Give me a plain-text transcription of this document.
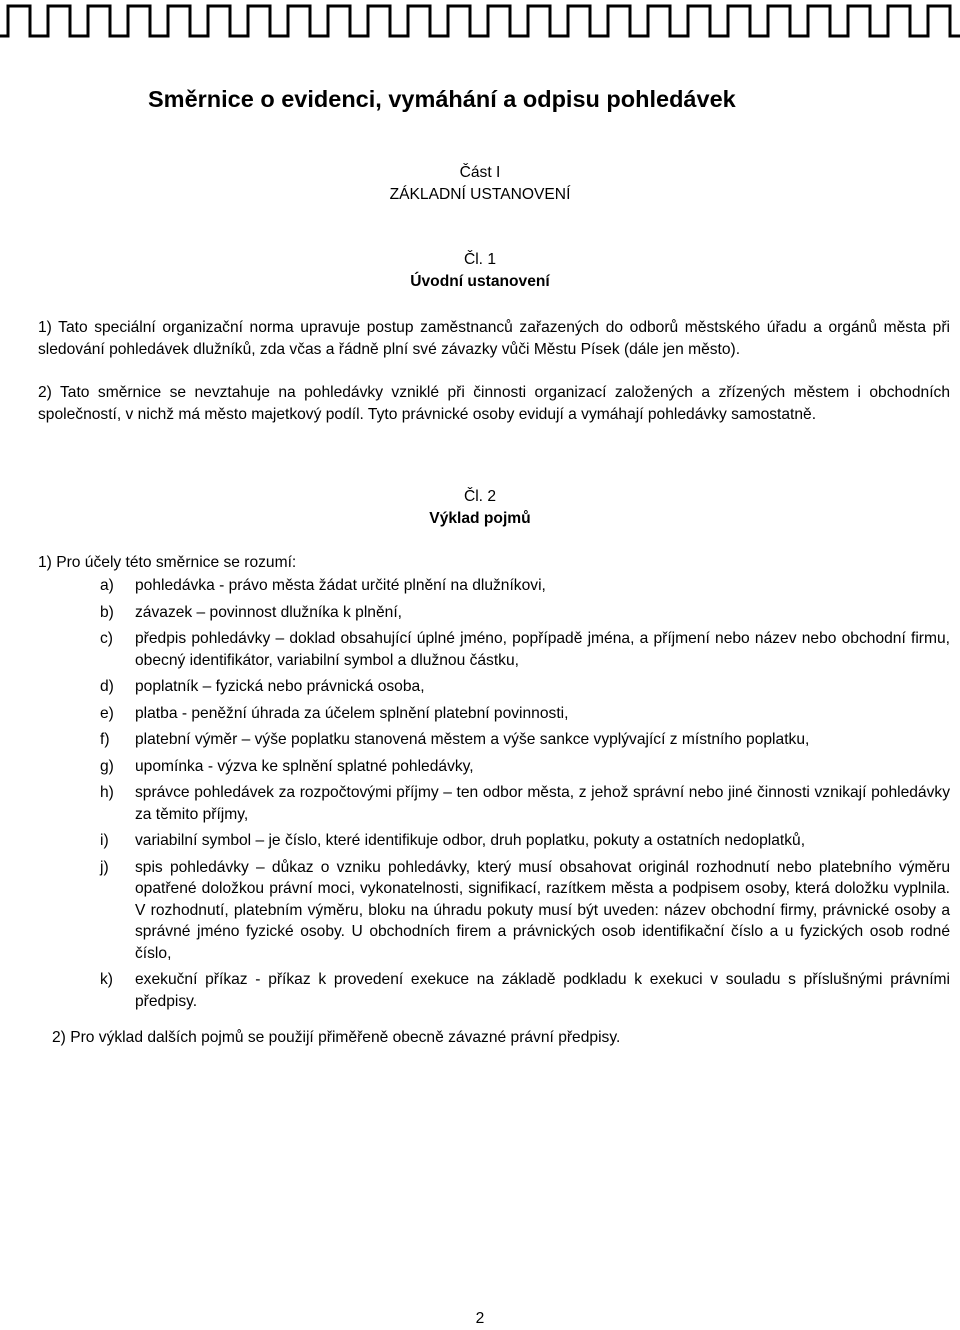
Směrnice o evidenci, vymáhání a odpisu pohledávek
Část I
ZÁKLADNÍ USTANOVENÍ
Čl. 1
Úvodní ustanovení

1) Tato speciální organizační norma upravuje postup zaměstnanců zařazených do odborů městského úřadu a orgánů města při sledování pohledávek dlužníků, zda včas a řádně plní své závazky vůči Městu Písek (dále jen město).

2) Tato směrnice se nevztahuje na pohledávky vzniklé při činnosti organizací založených a zřízených městem i obchodních společností, v nichž má město majetkový podíl. Tyto právnické osoby evidují a vymáhají pohledávky samostatně.

Čl. 2
Výklad pojmů

1) Pro účely této směrnice se rozumí:

a) pohledávka - právo města žádat určité plnění na dlužníkovi,
b) závazek – povinnost dlužníka k plnění,
c) předpis pohledávky – doklad obsahující úplné jméno, popřípadě jména, a příjmení nebo název nebo obchodní firmu, obecný identifikátor, variabilní symbol a dlužnou částku,
d) poplatník – fyzická nebo právnická osoba,
e) platba - peněžní úhrada za účelem splnění platební povinnosti,
f) platební výměr – výše poplatku stanovená městem a výše sankce vyplývající z místního poplatku,
g) upomínka - výzva ke splnění splatné pohledávky,
h) správce pohledávek za rozpočtovými příjmy – ten odbor města, z jehož správní nebo jiné činnosti vznikají pohledávky za těmito příjmy,
i) variabilní symbol – je číslo, které identifikuje odbor, druh poplatku, pokuty a ostatních nedoplatků,
j) spis pohledávky – důkaz o vzniku pohledávky, který musí obsahovat originál rozhodnutí nebo platebního výměru opatřené doložkou právní moci, vykonatelnosti, signifikací, razítkem města a podpisem osoby, která doložku vyplnila. V rozhodnutí, platebním výměru, bloku na úhradu pokuty musí být uveden: název obchodní firmy, právnické osoby a správné jméno fyzické osoby. U obchodních firem a právnických osob identifikační číslo a u fyzických osob rodné číslo,
k) exekuční příkaz - příkaz k provedení exekuce na základě podkladu k exekuci v souladu s příslušnými právními předpisy.

2) Pro výklad dalších pojmů se použijí přiměřeně obecně závazné právní předpisy.

2
